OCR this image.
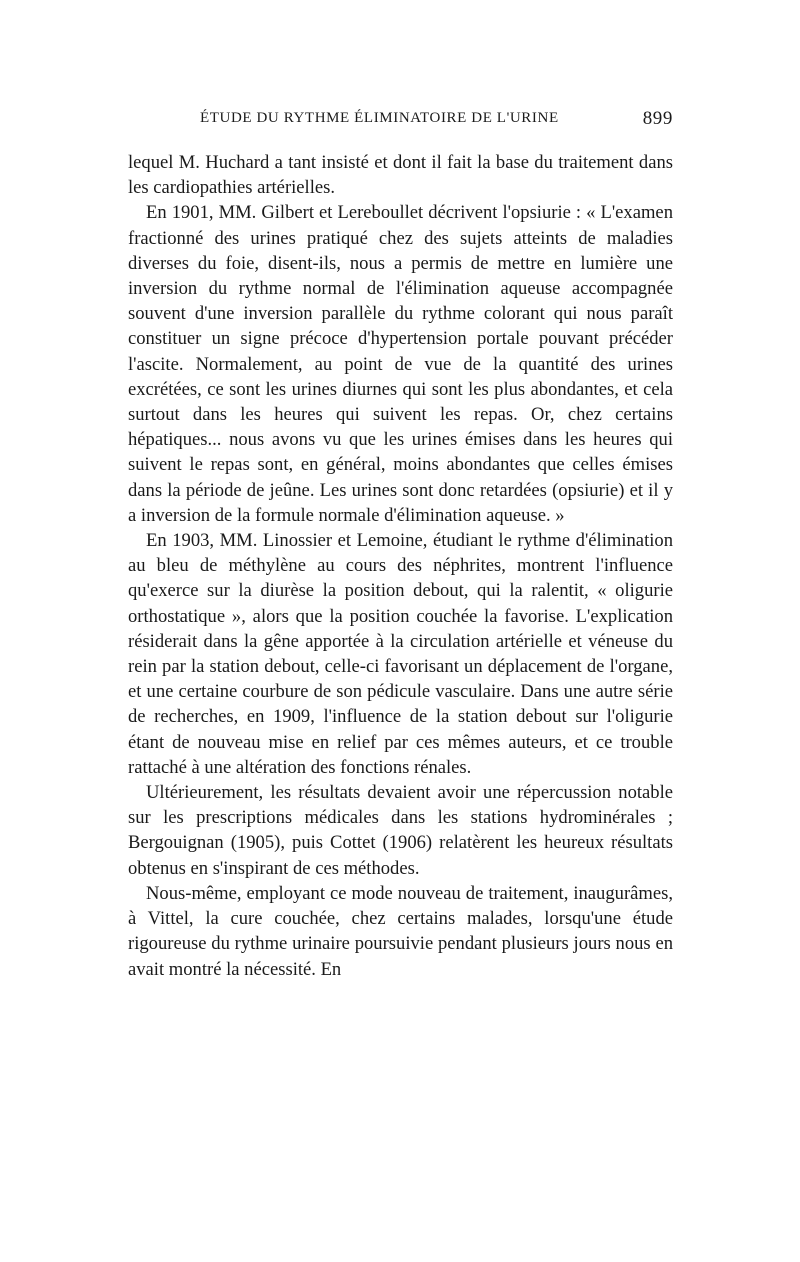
ÉTUDE DU RYTHME ÉLIMINATOIRE DE L'URINE	899

lequel M. Huchard a tant insisté et dont il fait la base du traitement dans les cardiopathies artérielles.

En 1901, MM. Gilbert et Lereboullet décrivent l'opsiurie : « L'examen fractionné des urines pratiqué chez des sujets atteints de maladies diverses du foie, disent-ils, nous a permis de mettre en lumière une inversion du rythme normal de l'élimination aqueuse accompagnée souvent d'une inversion parallèle du rythme colorant qui nous paraît constituer un signe précoce d'hypertension portale pouvant précéder l'ascite. Normalement, au point de vue de la quantité des urines excrétées, ce sont les urines diurnes qui sont les plus abondantes, et cela surtout dans les heures qui suivent les repas. Or, chez certains hépatiques... nous avons vu que les urines émises dans les heures qui suivent le repas sont, en général, moins abondantes que celles émises dans la période de jeûne. Les urines sont donc retardées (opsiurie) et il y a inversion de la formule normale d'élimination aqueuse. »

En 1903, MM. Linossier et Lemoine, étudiant le rythme d'élimination au bleu de méthylène au cours des néphrites, montrent l'influence qu'exerce sur la diurèse la position debout, qui la ralentit, « oligurie orthostatique », alors que la position couchée la favorise. L'explication résiderait dans la gêne apportée à la circulation artérielle et véneuse du rein par la station debout, celle-ci favorisant un déplacement de l'organe, et une certaine courbure de son pédicule vasculaire. Dans une autre série de recherches, en 1909, l'influence de la station debout sur l'oligurie étant de nouveau mise en relief par ces mêmes auteurs, et ce trouble rattaché à une altération des fonctions rénales.

Ultérieurement, les résultats devaient avoir une répercussion notable sur les prescriptions médicales dans les stations hydrominérales ; Bergouignan (1905), puis Cottet (1906) relatèrent les heureux résultats obtenus en s'inspirant de ces méthodes.

Nous-même, employant ce mode nouveau de traitement, inaugurâmes, à Vittel, la cure couchée, chez certains malades, lorsqu'une étude rigoureuse du rythme urinaire poursuivie pendant plusieurs jours nous en avait montré la nécessité. En
